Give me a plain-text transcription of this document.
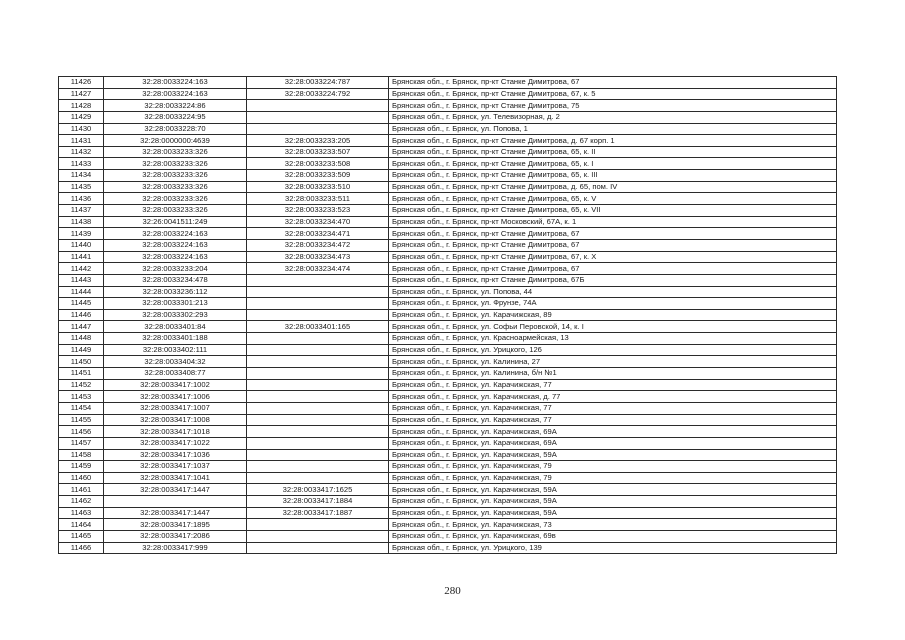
11426	32:28:0033224:163	32:28:0033224:787	Брянская обл., г. Брянск, пр-кт Станке Димитрова, 67
11427	32:28:0033224:163	32:28:0033224:792	Брянская обл., г. Брянск, пр-кт Станке Димитрова, 67, к. 5
11428	32:28:0033224:86		Брянская обл., г. Брянск, пр-кт Станке Димитрова, 75
11429	32:28:0033224:95		Брянская обл., г. Брянск, ул. Телевизорная, д. 2
11430	32:28:0033228:70		Брянская обл., г. Брянск, ул. Попова, 1
11431	32:28:0000000:4639	32:28:0033233:205	Брянская обл., г. Брянск, пр-кт Станке Димитрова, д. 67 корп. 1
11432	32:28:0033233:326	32:28:0033233:507	Брянская обл., г. Брянск, пр-кт Станке Димитрова, 65, к. II
11433	32:28:0033233:326	32:28:0033233:508	Брянская обл., г. Брянск, пр-кт Станке Димитрова, 65, к. I
11434	32:28:0033233:326	32:28:0033233:509	Брянская обл., г. Брянск, пр-кт Станке Димитрова, 65, к. III
11435	32:28:0033233:326	32:28:0033233:510	Брянская обл., г. Брянск, пр-кт Станке Димитрова, д. 65, пом. IV
11436	32:28:0033233:326	32:28:0033233:511	Брянская обл., г. Брянск, пр-кт Станке Димитрова, 65, к. V
11437	32:28:0033233:326	32:28:0033233:523	Брянская обл., г. Брянск, пр-кт Станке Димитрова, 65, к. VII
11438	32:26:0041511:249	32:28:0033234:470	Брянская обл., г. Брянск, пр-кт Московский, 67А, к. 1
11439	32:28:0033224:163	32:28:0033234:471	Брянская обл., г. Брянск, пр-кт Станке Димитрова, 67
11440	32:28:0033224:163	32:28:0033234:472	Брянская обл., г. Брянск, пр-кт Станке Димитрова, 67
11441	32:28:0033224:163	32:28:0033234:473	Брянская обл., г. Брянск, пр-кт Станке Димитрова, 67, к. X
11442	32:28:0033233:204	32:28:0033234:474	Брянская обл., г. Брянск, пр-кт Станке Димитрова, 67
11443	32:28:0033234:478		Брянская обл., г. Брянск, пр-кт Станке Димитрова, 67Б
11444	32:28:0033236:112		Брянская обл., г. Брянск, ул. Попова, 44
11445	32:28:0033301:213		Брянская обл., г. Брянск, ул. Фрунзе, 74А
11446	32:28:0033302:293		Брянская обл., г. Брянск, ул. Карачижская, 89
11447	32:28:0033401:84	32:28:0033401:165	Брянская обл., г. Брянск, ул. Софьи Перовской, 14, к. I
11448	32:28:0033401:188		Брянская обл., г. Брянск, ул. Красноармейская, 13
11449	32:28:0033402:111		Брянская обл., г. Брянск, ул. Урицкого, 126
11450	32:28:0033404:32		Брянская обл., г. Брянск, ул. Калинина, 27
11451	32:28:0033408:77		Брянская обл., г. Брянск, ул. Калинина, б/н №1
11452	32:28:0033417:1002		Брянская обл., г. Брянск, ул. Карачижская, 77
11453	32:28:0033417:1006		Брянская обл., г. Брянск, ул. Карачижская, д. 77
11454	32:28:0033417:1007		Брянская обл., г. Брянск, ул. Карачижская, 77
11455	32:28:0033417:1008		Брянская обл., г. Брянск, ул. Карачижская, 77
11456	32:28:0033417:1018		Брянская обл., г. Брянск, ул. Карачижская, 69А
11457	32:28:0033417:1022		Брянская обл., г. Брянск, ул. Карачижская, 69А
11458	32:28:0033417:1036		Брянская обл., г. Брянск, ул. Карачижская, 59А
11459	32:28:0033417:1037		Брянская обл., г. Брянск, ул. Карачижская, 79
11460	32:28:0033417:1041		Брянская обл., г. Брянск, ул. Карачижская, 79
11461	32:28:0033417:1447	32:28:0033417:1625	Брянская обл., г. Брянск, ул. Карачижская, 59А
11462		32:28:0033417:1884	Брянская обл., г. Брянск, ул. Карачижская, 59А
11463	32:28:0033417:1447	32:28:0033417:1887	Брянская обл., г. Брянск, ул. Карачижская, 59А
11464	32:28:0033417:1895		Брянская обл., г. Брянск, ул. Карачижская, 73
11465	32:28:0033417:2086		Брянская обл., г. Брянск, ул. Карачижская, 69в
11466	32:28:0033417:999		Брянская обл., г. Брянск, ул. Урицкого, 139
280
